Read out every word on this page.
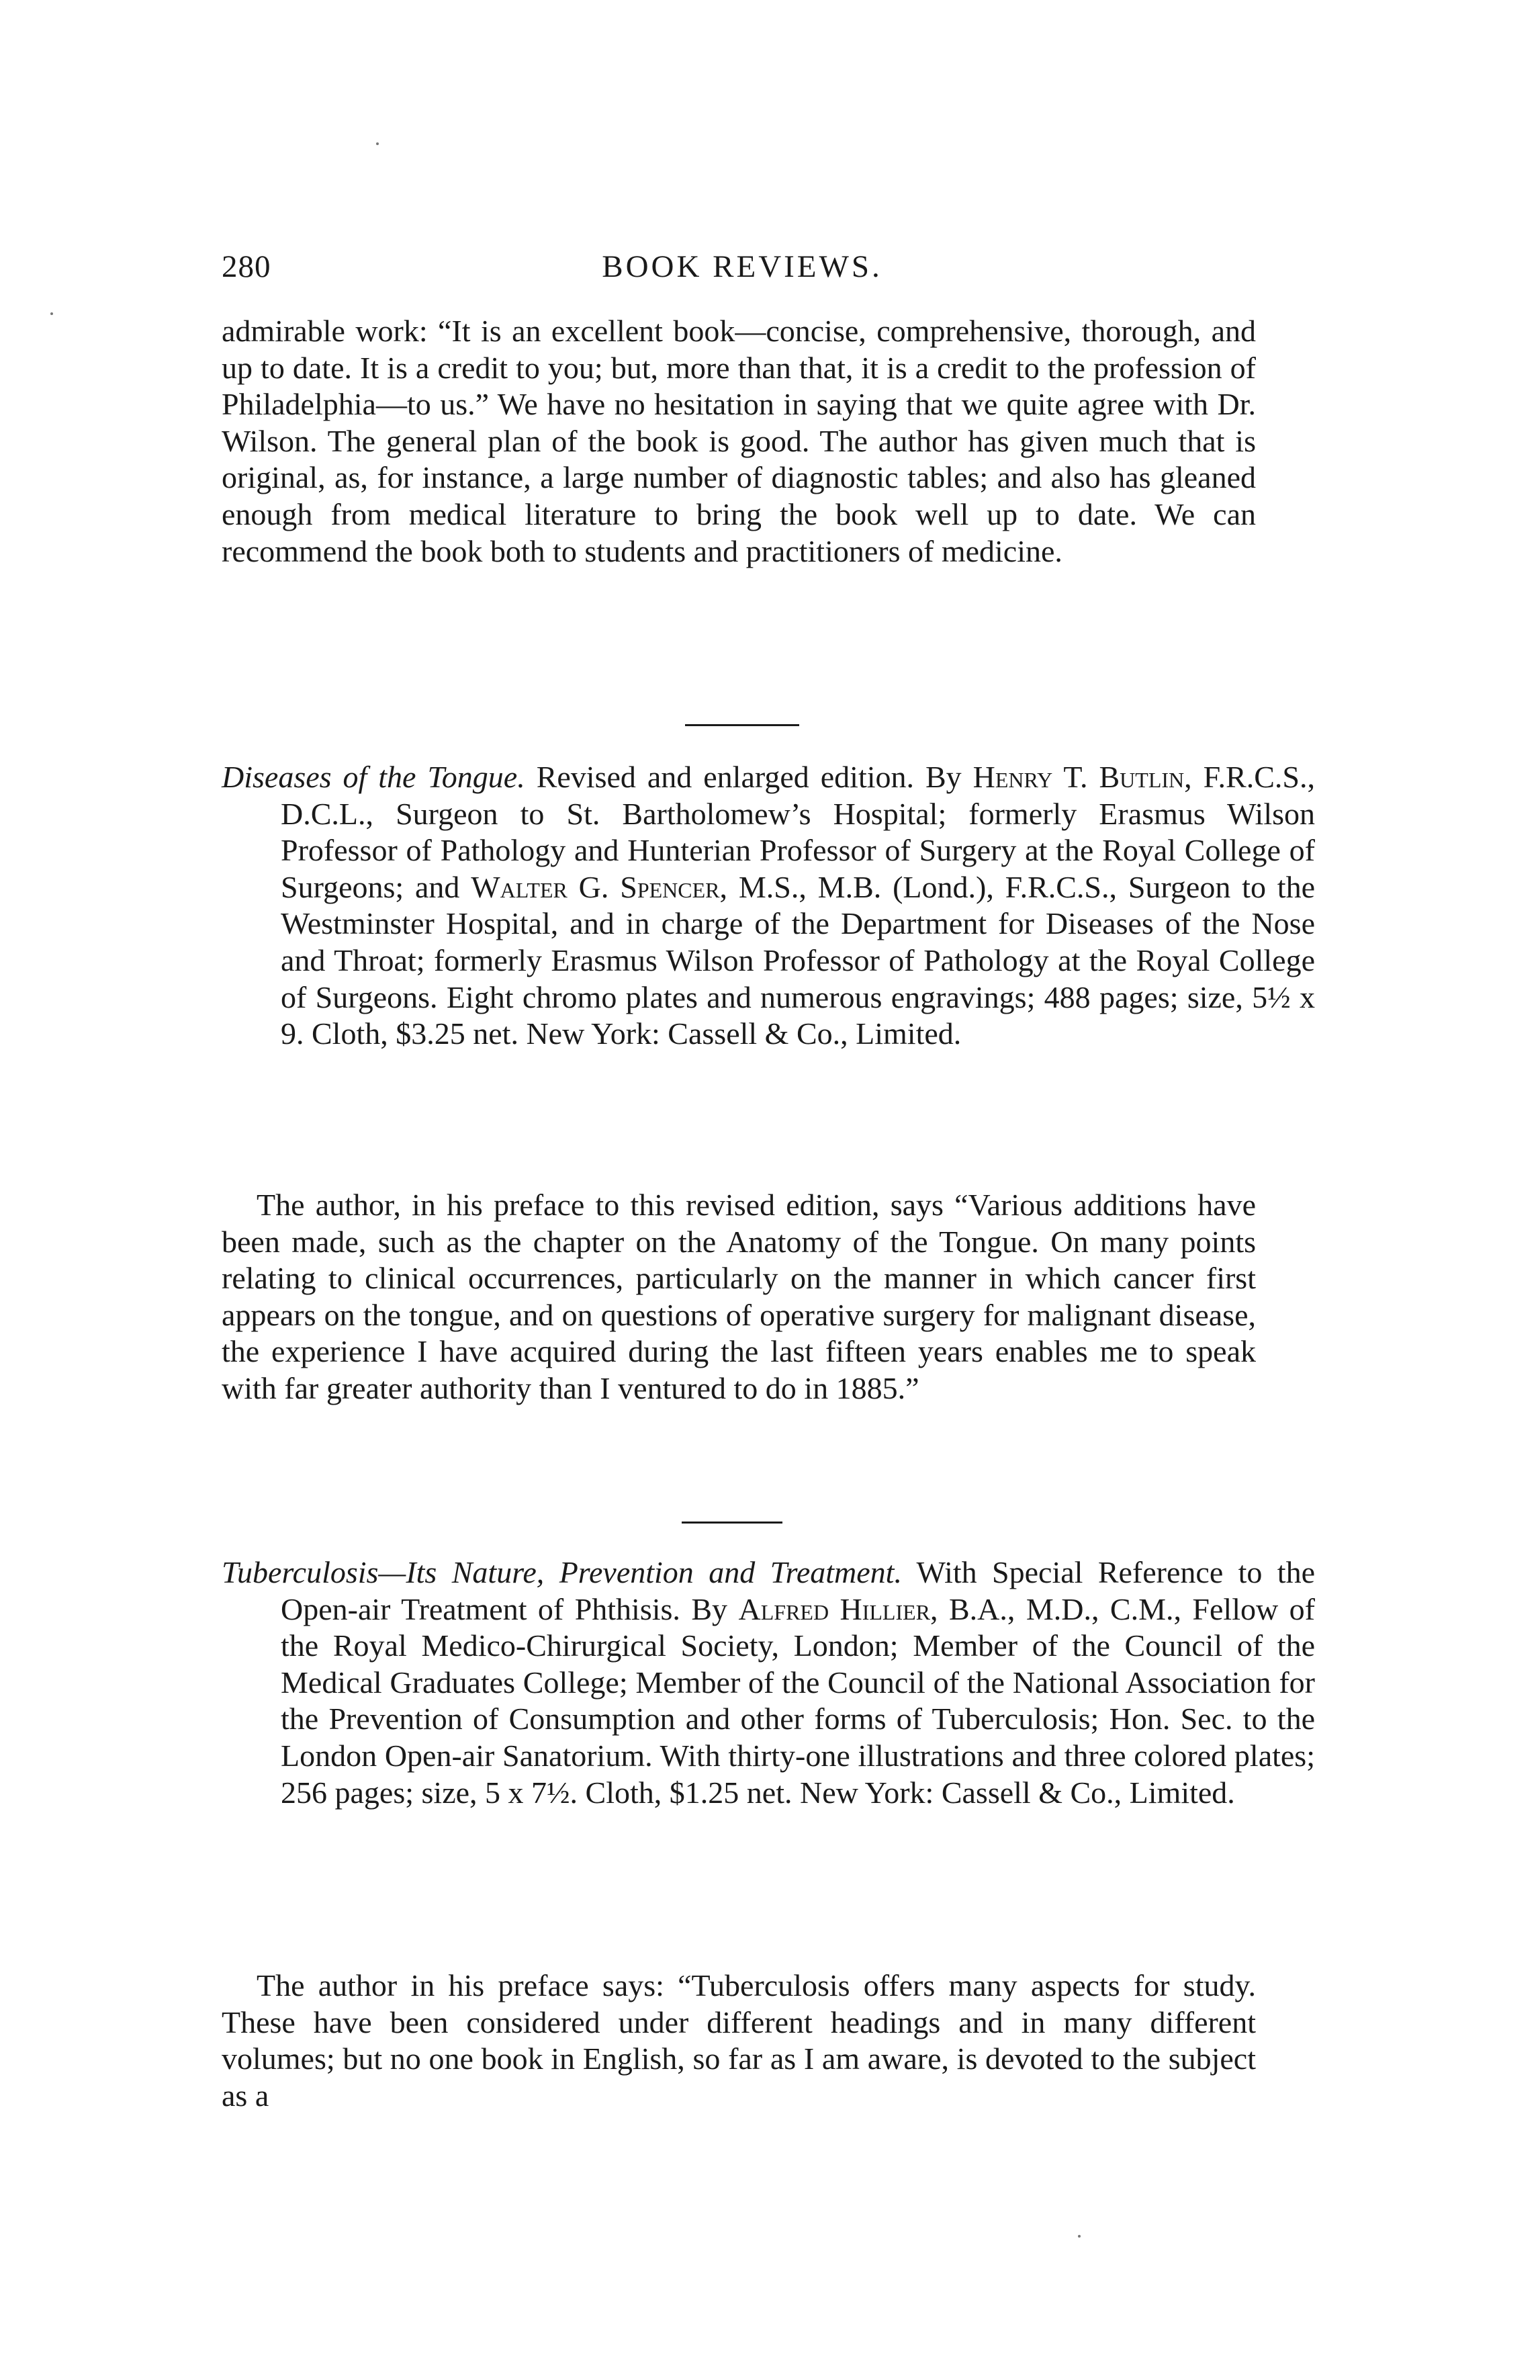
280	BOOK REVIEWS.
admirable work: “It is an excellent book—concise, comprehensive, thorough, and up to date. It is a credit to you; but, more than that, it is a credit to the profession of Philadelphia—to us.” We have no hesitation in saying that we quite agree with Dr. Wilson. The general plan of the book is good. The author has given much that is original, as, for instance, a large number of diagnostic tables; and also has gleaned enough from medical literature to bring the book well up to date. We can recommend the book both to students and practitioners of medicine.
Diseases of the Tongue. Revised and enlarged edition. By Henry T. Butlin, F.R.C.S., D.C.L., Surgeon to St. Bartholomew’s Hospital; formerly Erasmus Wilson Professor of Pathology and Hunterian Professor of Surgery at the Royal College of Surgeons; and Walter G. Spencer, M.S., M.B. (Lond.), F.R.C.S., Surgeon to the Westminster Hospital, and in charge of the Department for Diseases of the Nose and Throat; formerly Erasmus Wilson Professor of Pathology at the Royal College of Surgeons. Eight chromo plates and numerous engravings; 488 pages; size, 5½ x 9. Cloth, $3.25 net. New York: Cassell & Co., Limited.
The author, in his preface to this revised edition, says “Various additions have been made, such as the chapter on the Anatomy of the Tongue. On many points relating to clinical occurrences, particularly on the manner in which cancer first appears on the tongue, and on questions of operative surgery for malignant disease, the experience I have acquired during the last fifteen years enables me to speak with far greater authority than I ventured to do in 1885.”
Tuberculosis—Its Nature, Prevention and Treatment. With Special Reference to the Open-air Treatment of Phthisis. By Alfred Hillier, B.A., M.D., C.M., Fellow of the Royal Medico-Chirurgical Society, London; Member of the Council of the Medical Graduates College; Member of the Council of the National Association for the Prevention of Consumption and other forms of Tuberculosis; Hon. Sec. to the London Open-air Sanatorium. With thirty-one illustrations and three colored plates; 256 pages; size, 5 x 7½. Cloth, $1.25 net. New York: Cassell & Co., Limited.
The author in his preface says: “Tuberculosis offers many aspects for study. These have been considered under different headings and in many different volumes; but no one book in English, so far as I am aware, is devoted to the subject as a
